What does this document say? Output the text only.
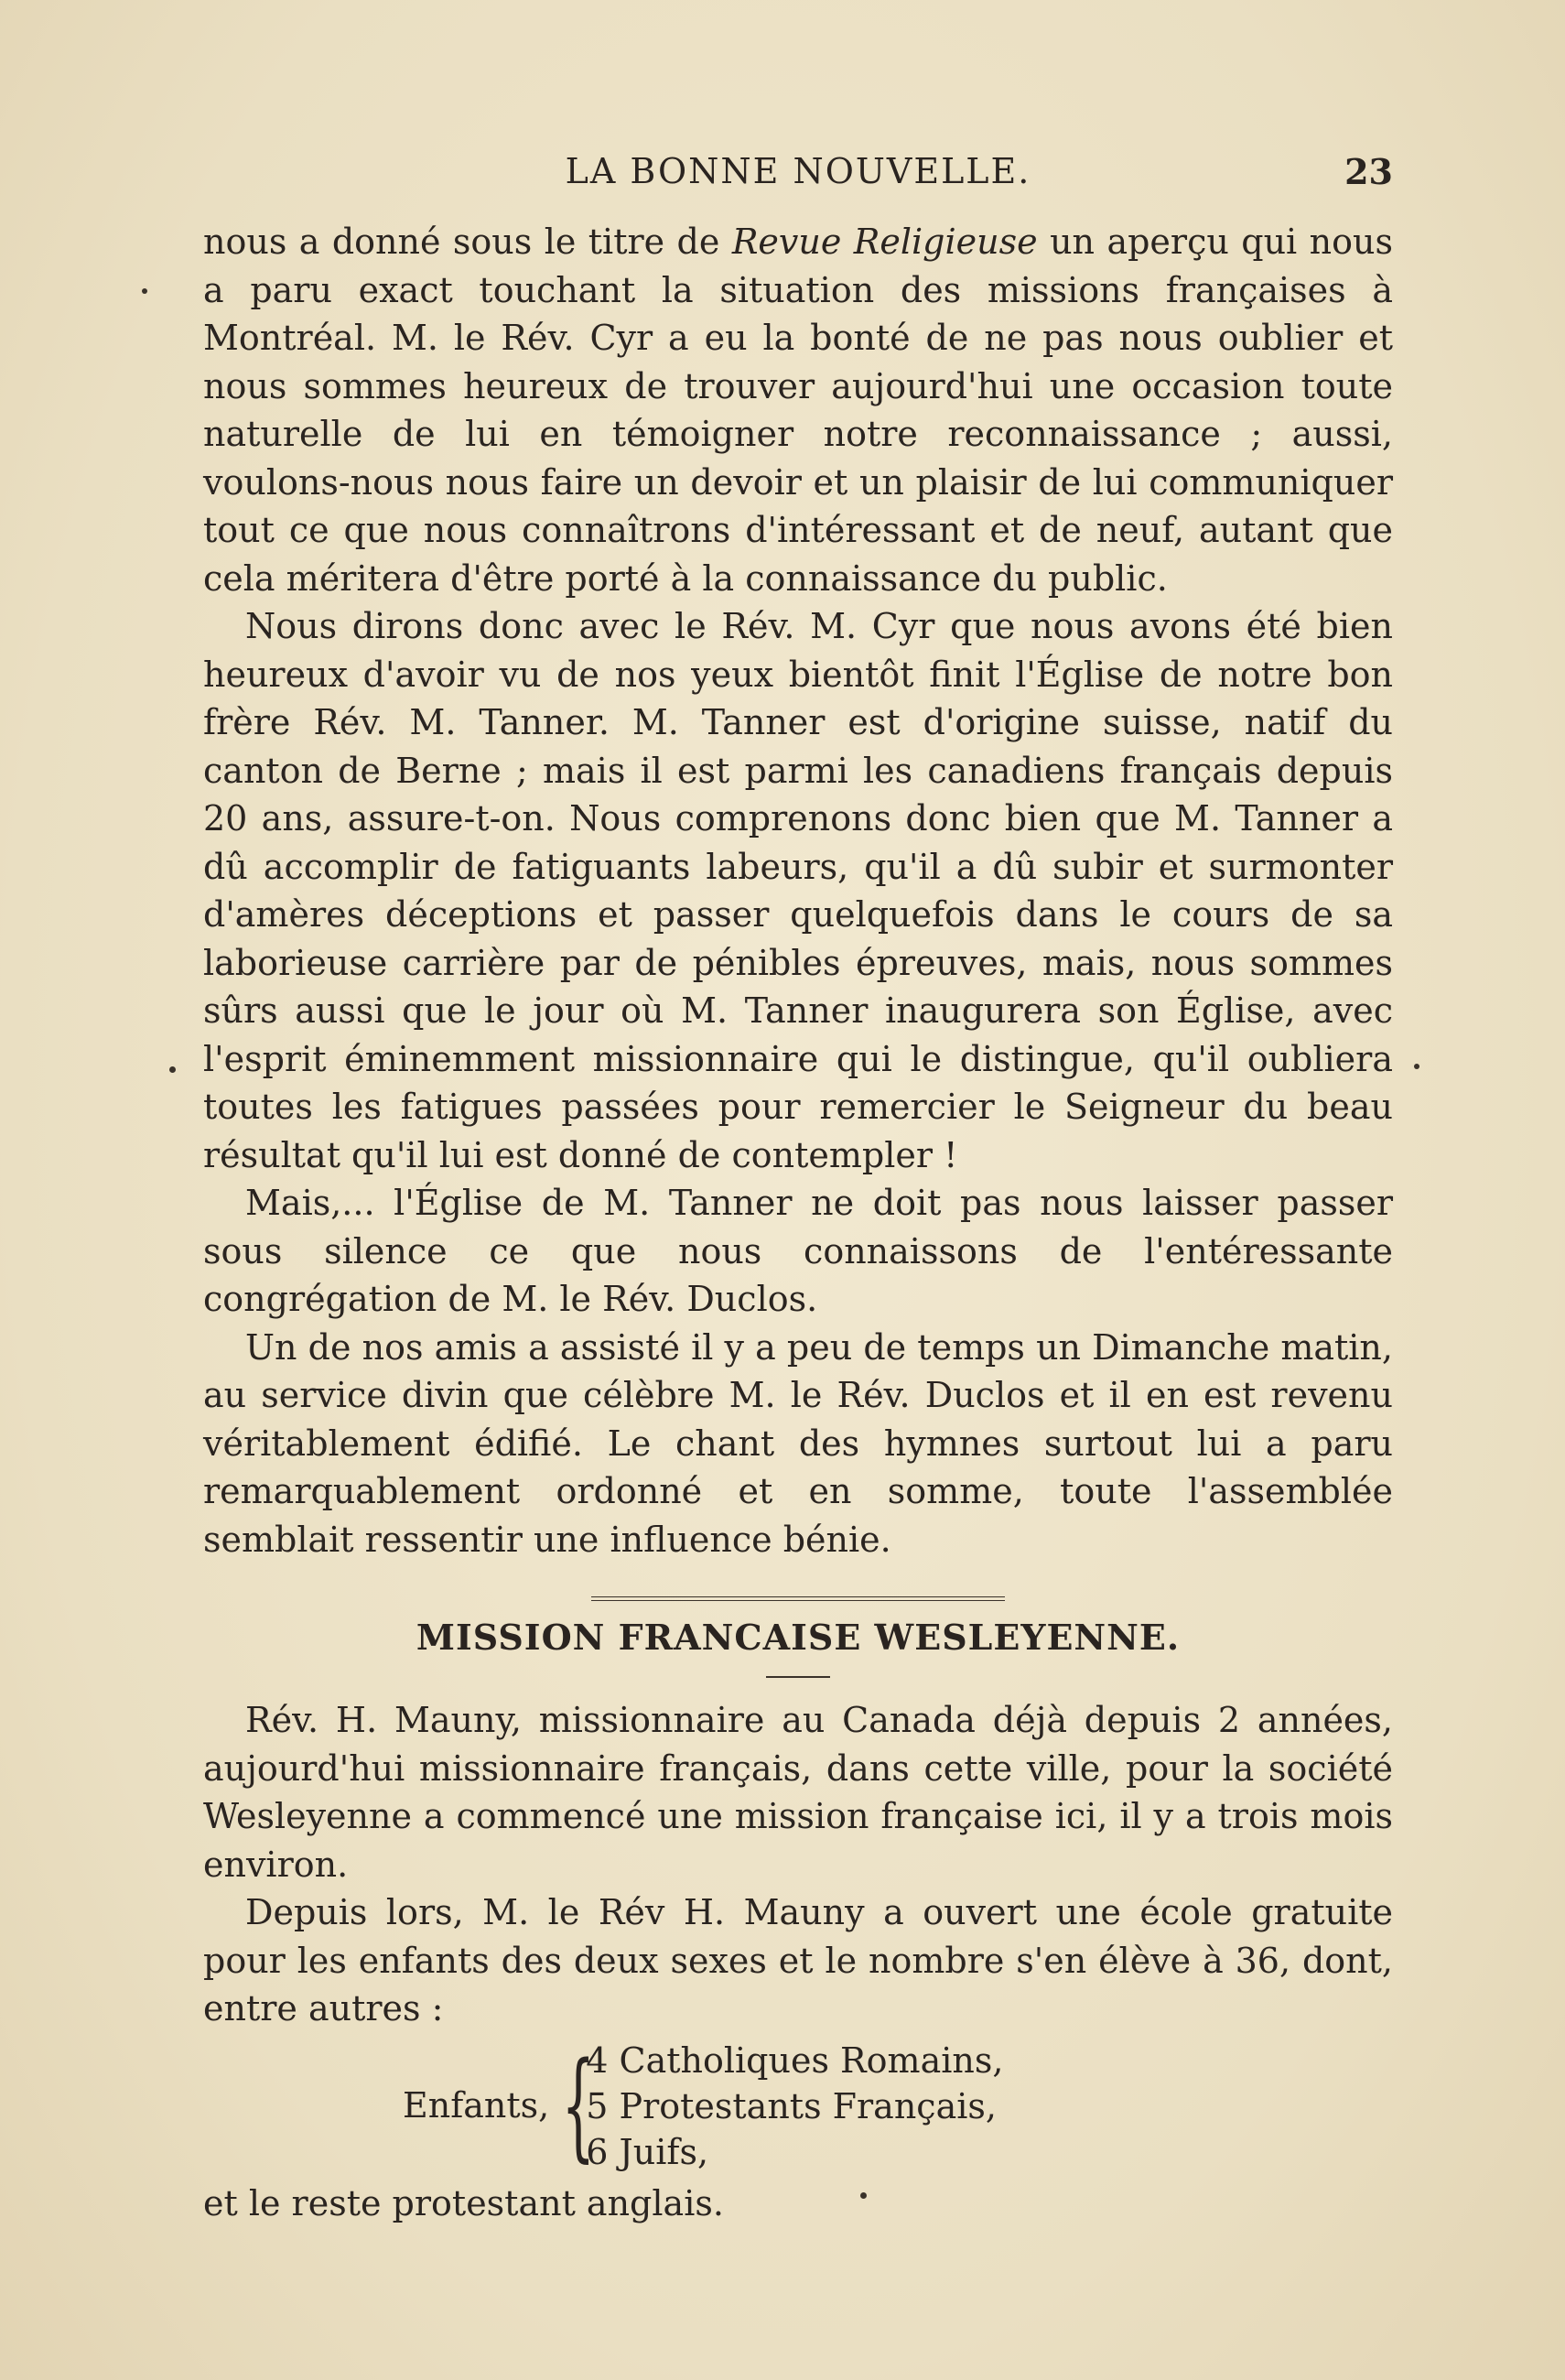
LA BONNE NOUVELLE.	23

nous a donné sous le titre de Revue Religieuse un aperçu qui nous a paru exact touchant la situation des missions françaises à Montréal. M. le Rév. Cyr a eu la bonté de ne pas nous oublier et nous sommes heureux de trouver aujourd'hui une occasion toute naturelle de lui en témoigner notre reconnaissance ; aussi, voulons-nous nous faire un devoir et un plaisir de lui communiquer tout ce que nous connaîtrons d'intéressant et de neuf, autant que cela méritera d'être porté à la connaissance du public.

Nous dirons donc avec le Rév. M. Cyr que nous avons été bien heureux d'avoir vu de nos yeux bientôt finit l'Église de notre bon frère Rév. M. Tanner. M. Tanner est d'origine suisse, natif du canton de Berne ; mais il est parmi les canadiens français depuis 20 ans, assure-t-on. Nous comprenons donc bien que M. Tanner a dû accomplir de fatiguants labeurs, qu'il a dû subir et surmonter d'amères déceptions et passer quelquefois dans le cours de sa laborieuse carrière par de pénibles épreuves, mais, nous sommes sûrs aussi que le jour où M. Tanner inaugurera son Église, avec l'esprit éminemment missionnaire qui le distingue, qu'il oubliera toutes les fatigues passées pour remercier le Seigneur du beau résultat qu'il lui est donné de contempler !

Mais,... l'Église de M. Tanner ne doit pas nous laisser passer sous silence ce que nous connaissons de l'entéressante congrégation de M. le Rév. Duclos.

Un de nos amis a assisté il y a peu de temps un Dimanche matin, au service divin que célèbre M. le Rév. Duclos et il en est revenu véritablement édifié. Le chant des hymnes surtout lui a paru remarquablement ordonné et en somme, toute l'assemblée semblait ressentir une influence bénie.

MISSION FRANCAISE WESLEYENNE.

Rév. H. Mauny, missionnaire au Canada déjà depuis 2 années, aujourd'hui missionnaire français, dans cette ville, pour la société Wesleyenne a commencé une mission française ici, il y a trois mois environ.

Depuis lors, M. le Rév H. Mauny a ouvert une école gratuite pour les enfants des deux sexes et le nombre s'en élève à 36, dont, entre autres :

Enfants, {
4 Catholiques Romains,
5 Protestants Français,
6 Juifs,

et le reste protestant anglais.
